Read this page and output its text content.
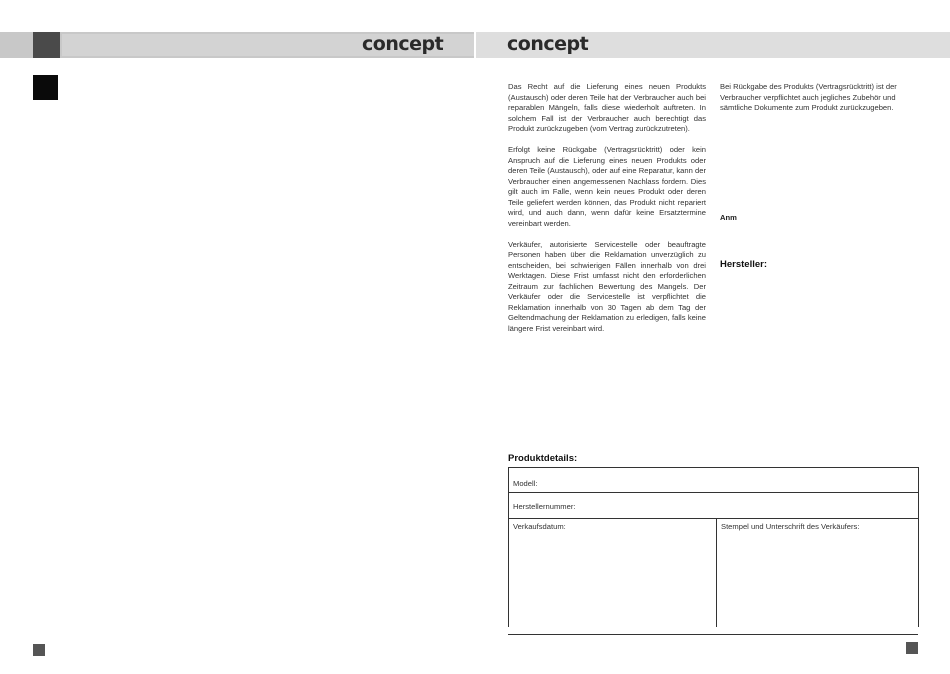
concept	concept

Das Recht auf die Lieferung eines neuen Produkts (Austausch) oder deren Teile hat der Verbraucher auch bei reparablen Mängeln, falls diese wiederholt auftreten. In solchem Fall ist der Verbraucher auch berechtigt das Produkt zurückzugeben (vom Vertrag zurückzutreten).

Erfolgt keine Rückgabe (Vertragsrücktritt) oder kein Anspruch auf die Lieferung eines neuen Produkts oder deren Teile (Austausch), oder auf eine Reparatur, kann der Verbraucher einen angemessenen Nachlass fordern. Dies gilt auch im Falle, wenn kein neues Produkt oder deren Teile geliefert werden können, das Produkt nicht repariert wird, und auch dann, wenn dafür keine Ersatztermine vereinbart werden.

Verkäufer, autorisierte Servicestelle oder beauftragte Personen haben über die Reklamation unverzüglich zu entscheiden, bei schwierigen Fällen innerhalb von drei Werktagen. Diese Frist umfasst nicht den erforderlichen Zeitraum zur fachlichen Bewertung des Mangels. Der Verkäufer oder die Servicestelle ist verpflichtet die Reklamation innerhalb von 30 Tagen ab dem Tag der Geltendmachung der Reklamation zu erledigen, falls keine längere Frist vereinbart wird.

Bei Rückgabe des Produkts (Vertragsrücktritt) ist der Verbraucher verpflichtet auch jegliches Zubehör und sämtliche Dokumente zum Produkt zurückzugeben.

Anm
Hersteller:
Produktdetails:
Modell:
Herstellernummer:
Verkaufsdatum:	Stempel und Unterschrift des Verkäufers:
